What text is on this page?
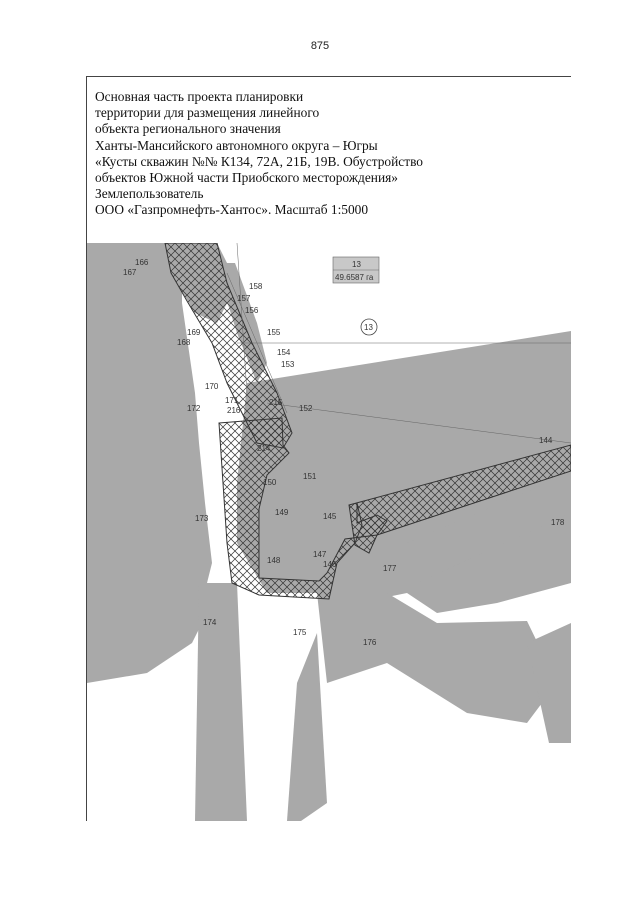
875
Основная часть проекта планировки
территории для размещения линейного
объекта регионального значения
Ханты-Мансийского автономного округа – Югры
«Кусты скважин №№ К134, 72А, 21Б, 19В. Обустройство
объектов Южной части Приобского месторождения»
Землепользователь
ООО «Газпромнефть-Хантос». Масштаб 1:5000
13
49.6587 га
13
166
167
158
157
156
155
154
153
169
168
170
171
172	216
215
152
214
150
151
144
149	145
173	178
148
147
146	177
174
175
176
